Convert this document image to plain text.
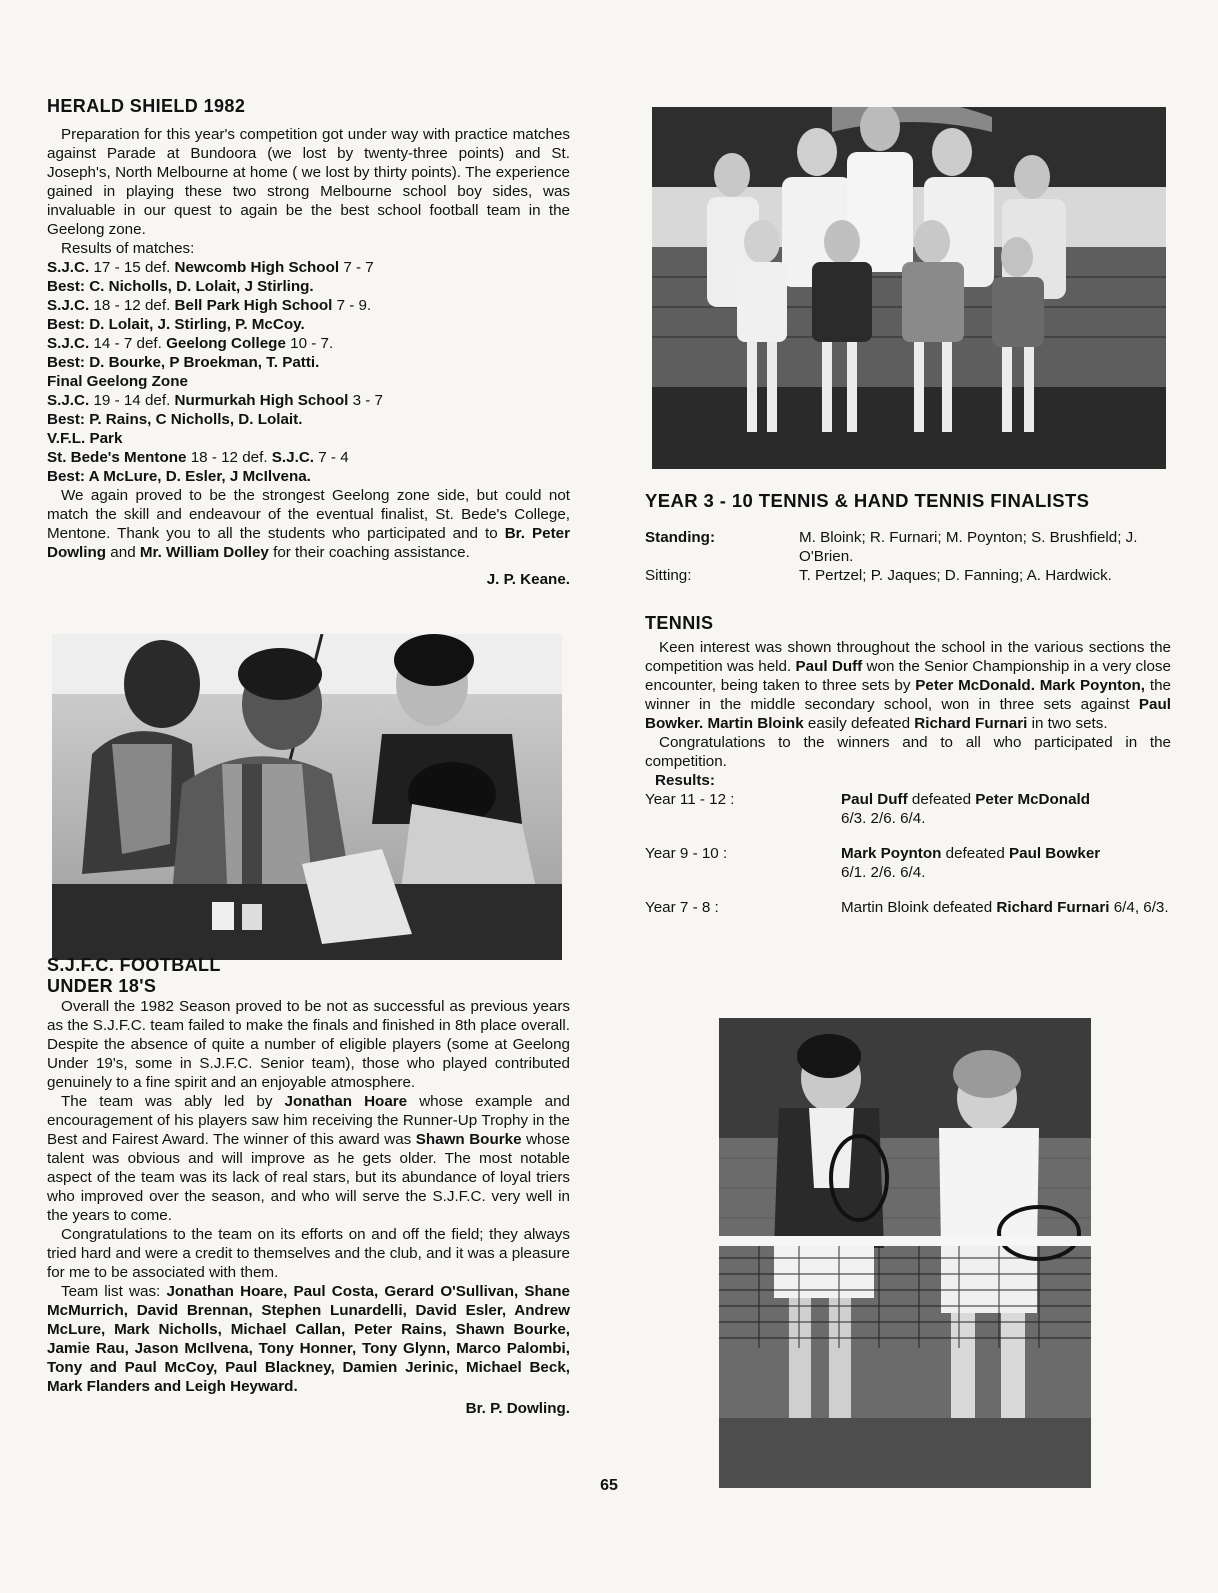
HERALD SHIELD 1982

Preparation for this year's competition got under way with practice matches against Parade at Bundoora (we lost by twenty-three points) and St. Joseph's, North Melbourne at home ( we lost by thirty points). The experience gained in playing these two strong Melbourne school boy sides, was invaluable in our quest to again be the best school football team in the Geelong zone.

Results of matches:

S.J.C. 17 - 15 def. Newcomb High School 7 - 7
Best: C. Nicholls, D. Lolait, J Stirling.
S.J.C. 18 - 12 def. Bell Park High School 7 - 9.
Best: D. Lolait, J. Stirling, P. McCoy.
S.J.C. 14 - 7 def. Geelong College 10 - 7.
Best: D. Bourke, P Broekman, T. Patti.
Final Geelong Zone
S.J.C. 19 - 14 def. Nurmurkah High School 3 - 7
Best: P. Rains, C Nicholls, D. Lolait.
V.F.L. Park
St. Bede's Mentone 18 - 12 def. S.J.C. 7 - 4
Best: A McLure, D. Esler, J McIlvena.

We again proved to be the strongest Geelong zone side, but could not match the skill and endeavour of the eventual finalist, St. Bede's College, Mentone. Thank you to all the students who participated and to Br. Peter Dowling and Mr. William Dolley for their coaching assistance.

J. P. Keane.
S.J.F.C. FOOTBALL
UNDER 18'S

Overall the 1982 Season proved to be not as successful as previous years as the S.J.F.C. team failed to make the finals and finished in 8th place overall. Despite the absence of quite a number of eligible players (some at Geelong Under 19's, some in S.J.F.C. Senior team), those who played contributed genuinely to a fine spirit and an enjoyable atmosphere.

The team was ably led by Jonathan Hoare whose example and encouragement of his players saw him receiving the Runner-Up Trophy in the Best and Fairest Award. The winner of this award was Shawn Bourke whose talent was obvious and will improve as he gets older. The most notable aspect of the team was its lack of real stars, but its abundance of loyal triers who improved over the season, and who will serve the S.J.F.C. very well in the years to come.

Congratulations to the team on its efforts on and off the field; they always tried hard and were a credit to themselves and the club, and it was a pleasure for me to be associated with them.

Team list was: Jonathan Hoare, Paul Costa, Gerard O'Sullivan, Shane McMurrich, David Brennan, Stephen Lunardelli, David Esler, Andrew McLure, Mark Nicholls, Michael Callan, Peter Rains, Shawn Bourke, Jamie Rau, Jason McIlvena, Tony Honner, Tony Glynn, Marco Palombi, Tony and Paul McCoy, Paul Blackney, Damien Jerinic, Michael Beck, Mark Flanders and Leigh Heyward.

Br. P. Dowling.
YEAR 3 - 10 TENNIS & HAND TENNIS FINALISTS
Standing:	M. Bloink; R. Furnari; M. Poynton; S. Brushfield; J. O'Brien.
Sitting:	T. Pertzel; P. Jaques; D. Fanning; A. Hardwick.
TENNIS

Keen interest was shown throughout the school in the various sections the competition was held. Paul Duff won the Senior Championship in a very close encounter, being taken to three sets by Peter McDonald. Mark Poynton, the winner in the middle secondary school, won in three sets against Paul Bowker. Martin Bloink easily defeated Richard Furnari in two sets.

Congratulations to the winners and to all who participated in the competition.

Results:
Year 11 - 12 :	Paul Duff defeated Peter McDonald
6/3. 2/6. 6/4.
Year 9 - 10 :	Mark Poynton defeated Paul Bowker
6/1. 2/6. 6/4.
Year 7 - 8 :	Martin Bloink defeated Richard Furnari 6/4, 6/3.
65
